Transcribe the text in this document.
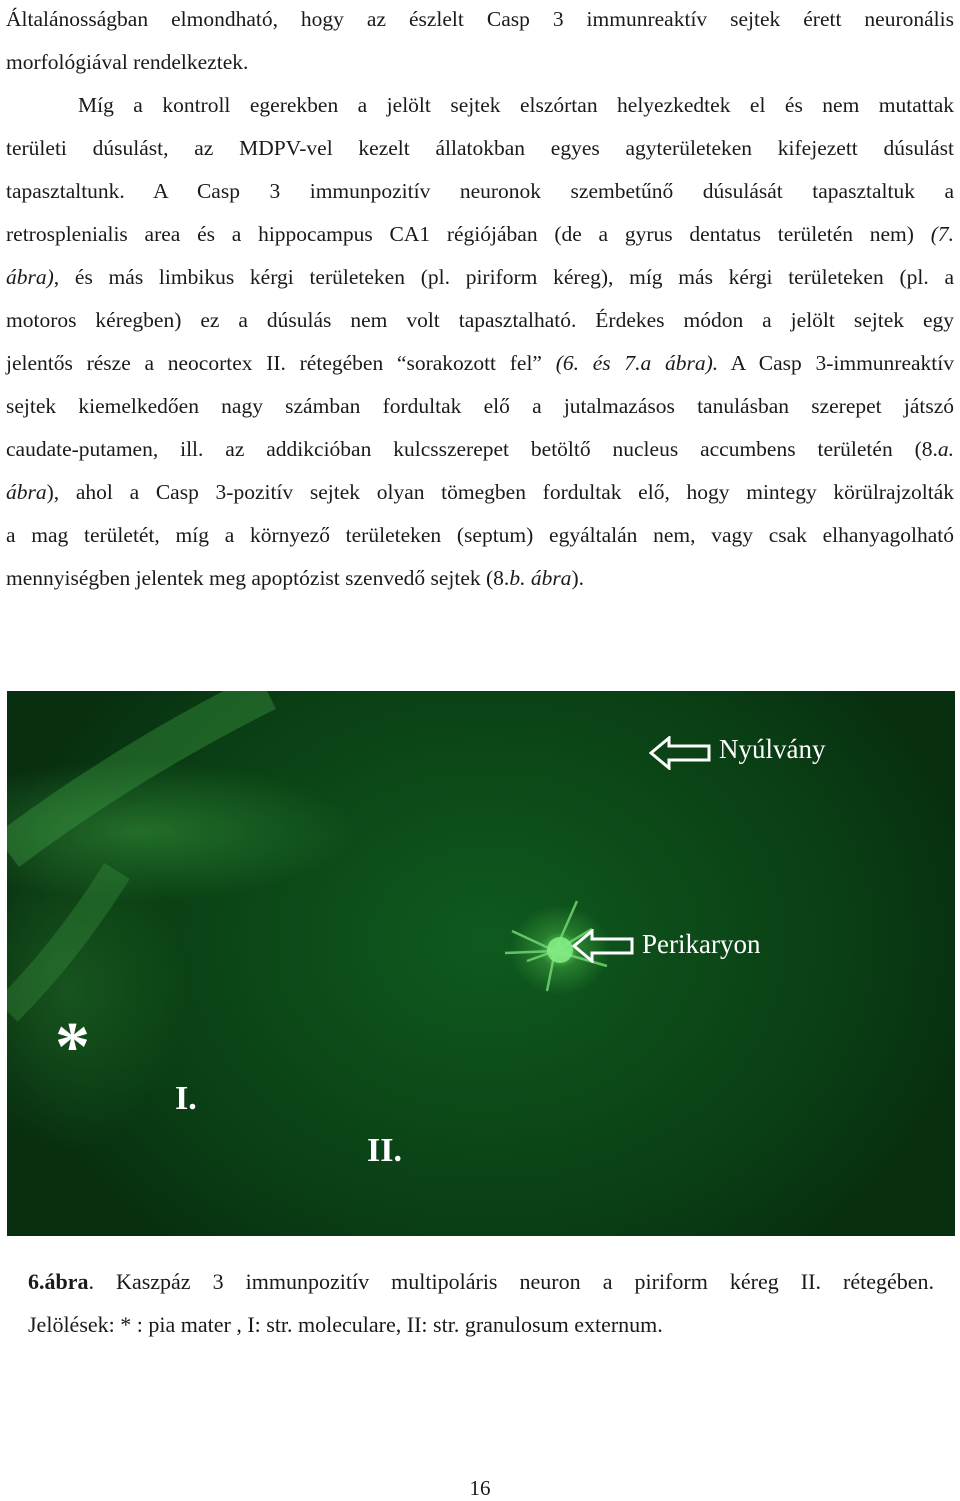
Általánosságban elmondható, hogy az észlelt Casp 3 immunreaktív sejtek érett neuronális
morfológiával rendelkeztek.
Míg a kontroll egerekben a jelölt sejtek elszórtan helyezkedtek el és nem mutattak
területi dúsulást, az MDPV-vel kezelt állatokban egyes agyterületeken kifejezett dúsulást
tapasztaltunk. A Casp 3 immunpozitív neuronok szembetűnő dúsulását tapasztaltuk a
retrosplenialis area és a hippocampus CA1 régiójában (de a gyrus dentatus területén nem) (7.
ábra), és más limbikus kérgi területeken (pl. piriform kéreg), míg más kérgi területeken (pl. a
motoros kéregben) ez a dúsulás nem volt tapasztalható. Érdekes módon a jelölt sejtek egy
jelentős része a neocortex II. rétegében “sorakozott fel” (6. és 7.a ábra). A Casp 3-immunreaktív
sejtek kiemelkedően nagy számban fordultak elő a jutalmazásos tanulásban szerepet játszó
caudate-putamen, ill. az addikcióban kulcsszerepet betöltő nucleus accumbens területén (8.a.
ábra), ahol a Casp 3-pozitív sejtek olyan tömegben fordultak elő, hogy mintegy körülrajzolták
a mag területét, míg a környező területeken (septum) egyáltalán nem, vagy csak elhanyagolható
mennyiségben jelentek meg apoptózist szenvedő sejtek (8.b. ábra).
Nyúlvány
Perikaryon
*
I.
II.
6.ábra. Kaszpáz 3 immunpozitív multipoláris neuron a piriform kéreg II. rétegében.
Jelölések: * : pia mater , I: str. moleculare, II: str. granulosum externum.
16
